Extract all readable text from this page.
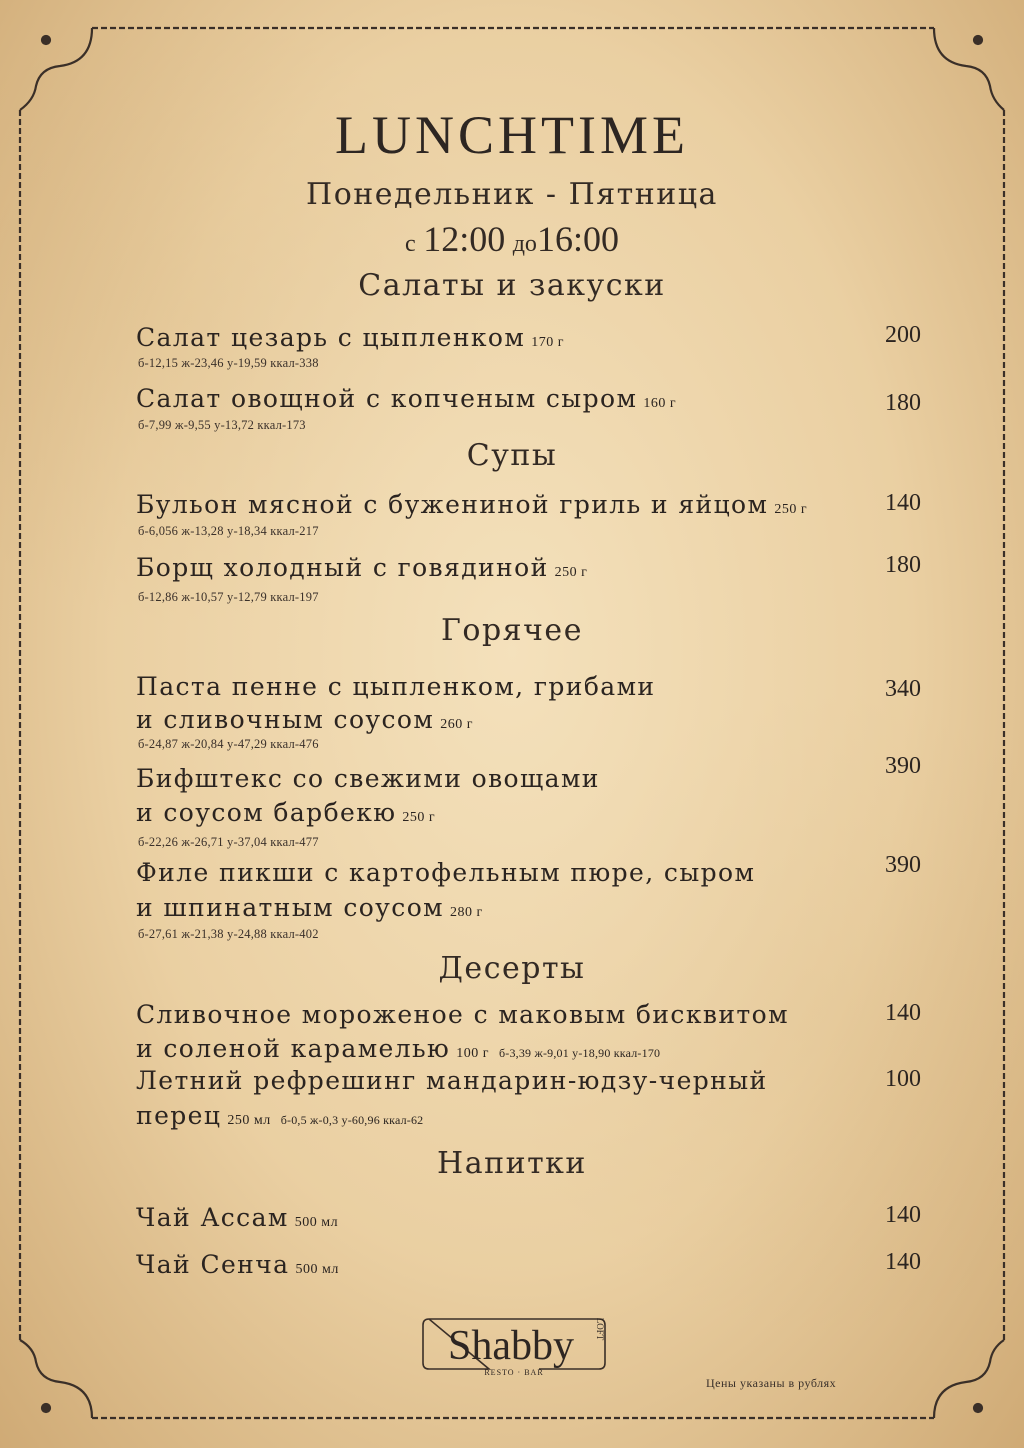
LUNCHTIME
Понедельник - Пятница
с 12:00 до16:00
Салаты и закуски
Салат цезарь с цыпленком 170 г
б-12,15 ж-23,46 у-19,59 ккал-338
200
Салат овощной с копченым сыром 160 г
б-7,99 ж-9,55 у-13,72 ккал-173
180
Супы
Бульон мясной с бужениной гриль и яйцом 250 г
б-6,056 ж-13,28 у-18,34 ккал-217
140
Борщ холодный с говядиной 250 г
б-12,86 ж-10,57 у-12,79 ккал-197
180
Горячее
Паста пенне с цыпленком, грибами
и сливочным соусом 260 г
б-24,87 ж-20,84 у-47,29 ккал-476
340
Бифштекс со свежими овощами
и соусом барбекю 250 г
б-22,26 ж-26,71 у-37,04 ккал-477
390
Филе пикши с картофельным пюре, сыром
и шпинатным соусом 280 г
б-27,61 ж-21,38 у-24,88 ккал-402
390
Десерты
Сливочное мороженое с маковым бисквитом
и соленой карамелью 100 г б-3,39 ж-9,01 у-18,90 ккал-170
140
Летний рефрешинг мандарин-юдзу-черный
перец 250 мл б-0,5 ж-0,3 у-60,96 ккал-62
100
Напитки
Чай Ассам 500 мл	140
Чай Сенча 500 мл	140
Shabby LOFT
RESTO · BAR
Цены указаны в рублях
